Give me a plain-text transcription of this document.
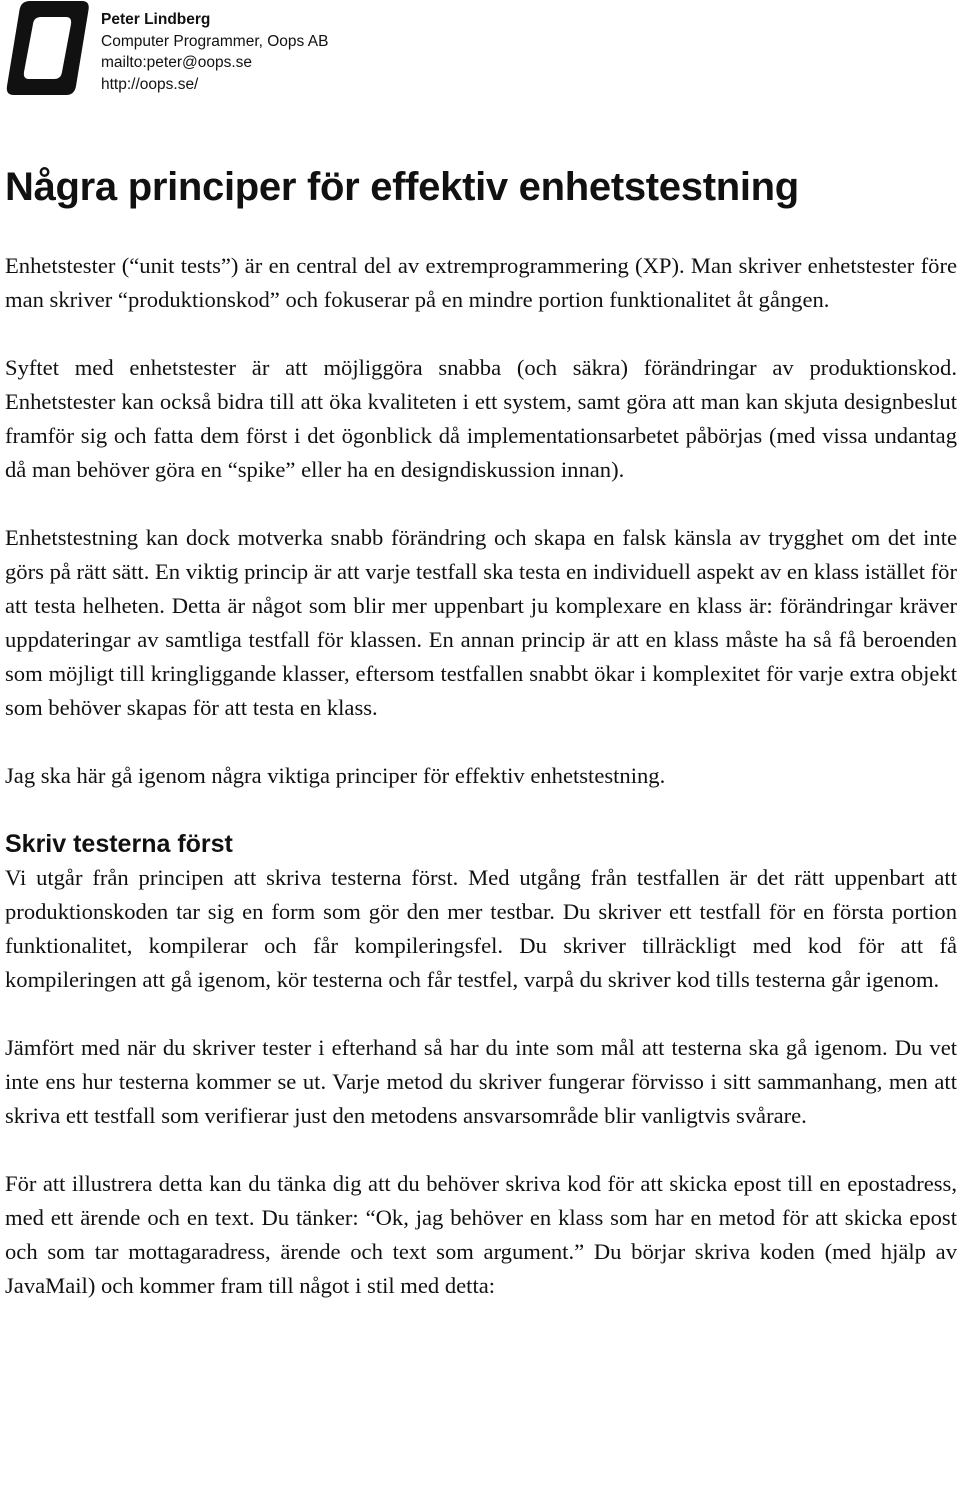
Peter Lindberg
Computer Programmer, Oops AB
mailto:peter@oops.se
http://oops.se/
Några principer för effektiv enhetstestning

Enhetstester (“unit tests”) är en central del av extremprogrammering (XP). Man skriver enhetstester före man skriver “produktionskod” och fokuserar på en mindre portion funktionalitet åt gången.

Syftet med enhetstester är att möjliggöra snabba (och säkra) förändringar av produktionskod. Enhetstester kan också bidra till att öka kvaliteten i ett system, samt göra att man kan skjuta designbeslut framför sig och fatta dem först i det ögonblick då implementationsarbetet påbörjas (med vissa undantag då man behöver göra en “spike” eller ha en designdiskussion innan).

Enhetstestning kan dock motverka snabb förändring och skapa en falsk känsla av trygghet om det inte görs på rätt sätt. En viktig princip är att varje testfall ska testa en individuell aspekt av en klass istället för att testa helheten. Detta är något som blir mer uppenbart ju komplexare en klass är: förändringar kräver uppdateringar av samtliga testfall för klassen. En annan princip är att en klass måste ha så få beroenden som möjligt till kringliggande klasser, eftersom testfallen snabbt ökar i komplexitet för varje extra objekt som behöver skapas för att testa en klass.

Jag ska här gå igenom några viktiga principer för effektiv enhetstestning.

Skriv testerna först

Vi utgår från principen att skriva testerna först. Med utgång från testfallen är det rätt uppenbart att produktionskoden tar sig en form som gör den mer testbar. Du skriver ett testfall för en första portion funktionalitet, kompilerar och får kompileringsfel. Du skriver tillräckligt med kod för att få kompileringen att gå igenom, kör testerna och får testfel, varpå du skriver kod tills testerna går igenom.

Jämfört med när du skriver tester i efterhand så har du inte som mål att testerna ska gå igenom. Du vet inte ens hur testerna kommer se ut. Varje metod du skriver fungerar förvisso i sitt sammanhang, men att skriva ett testfall som verifierar just den metodens ansvarsområde blir vanligtvis svårare.

För att illustrera detta kan du tänka dig att du behöver skriva kod för att skicka epost till en epostadress, med ett ärende och en text. Du tänker: “Ok, jag behöver en klass som har en metod för att skicka epost och som tar mottagaradress, ärende och text som argument.” Du börjar skriva koden (med hjälp av JavaMail) och kommer fram till något i stil med detta:
